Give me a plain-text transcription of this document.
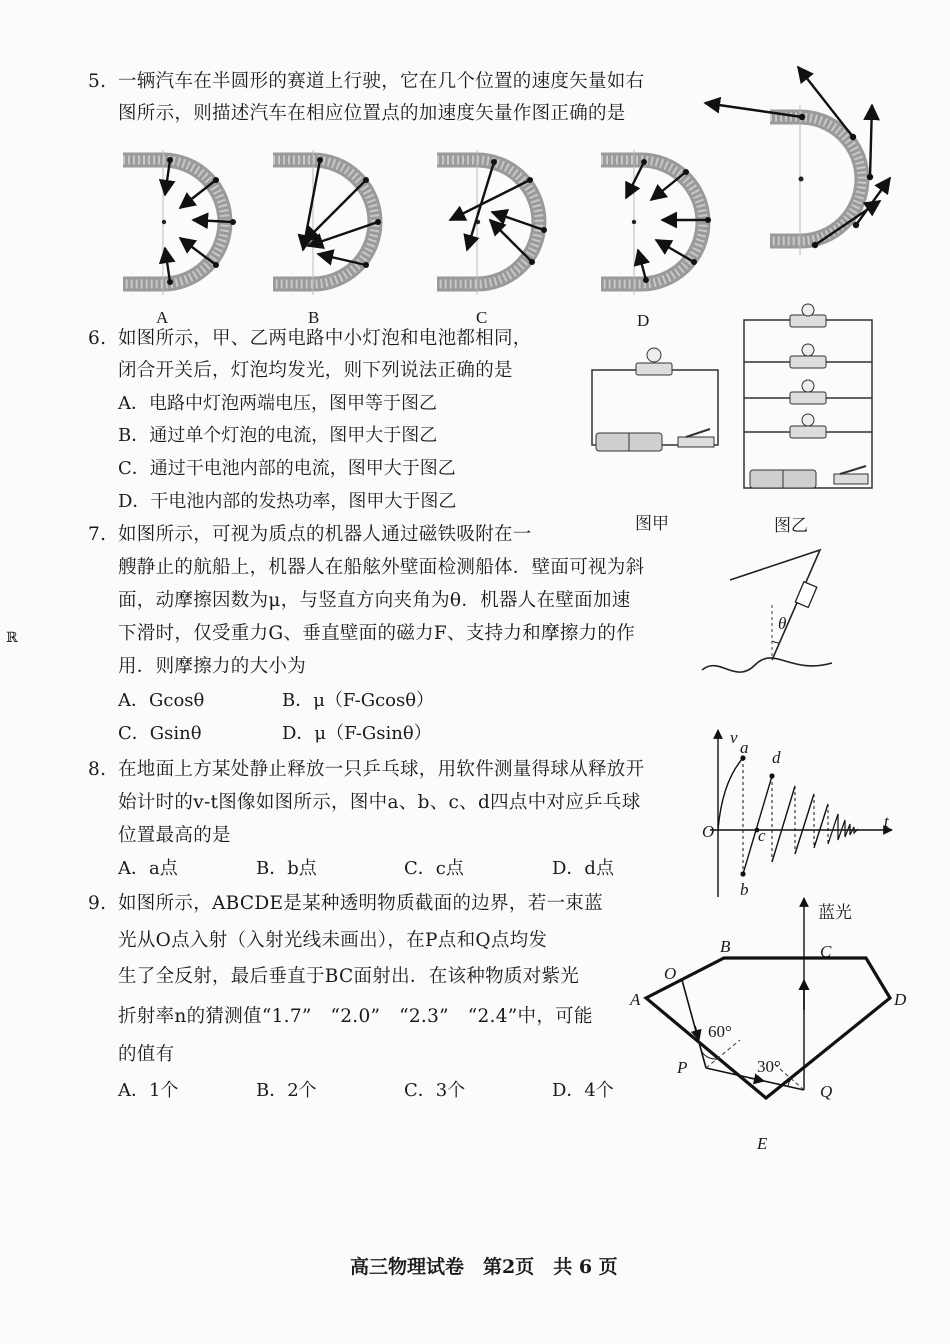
5. 一辆汽车在半圆形的赛道上行驶，它在几个位置的速度矢量如右
图所示，则描述汽车在相应位置点的加速度矢量作图正确的是
A	B	C	D
6. 如图所示，甲、乙两电路中小灯泡和电池都相同，
闭合开关后，灯泡均发光，则下列说法正确的是
A．电路中灯泡两端电压，图甲等于图乙
B．通过单个灯泡的电流，图甲大于图乙
C．通过干电池内部的电流，图甲大于图乙
D．干电池内部的发热功率，图甲大于图乙
图甲	图乙
7. 如图所示，可视为质点的机器人通过磁铁吸附在一
艘静止的航船上，机器人在船舷外壁面检测船体．壁面可视为斜
面，动摩擦因数为μ，与竖直方向夹角为θ．机器人在壁面加速
下滑时，仅受重力G、垂直壁面的磁力F、支持力和摩擦力的作
用．则摩擦力的大小为
A．Gcosθ	B．μ（F-Gcosθ）
C．Gsinθ	D．μ（F-Gsinθ）
θ
8. 在地面上方某处静止释放一只乒乓球，用软件测量得球从释放开
始计时的v-t图像如图所示，图中a、b、c、d四点中对应乒乓球
位置最高的是
A．a点	B．b点	C．c点	D．d点
v
t
O
a
b
c
d
9. 如图所示，ABCDE是某种透明物质截面的边界，若一束蓝
光从O点入射（入射光线未画出），在P点和Q点均发
生了全反射，最后垂直于BC面射出．在该种物质对紫光
折射率n的猜测值“1.7”　“2.0”　“2.3”　“2.4”中，可能
的值有
A．1个	B．2个	C．3个	D．4个
蓝光
A
B	C
D
E
O
P
Q
60°
30°
ℝ
高三物理试卷　第2页　共 6 页
